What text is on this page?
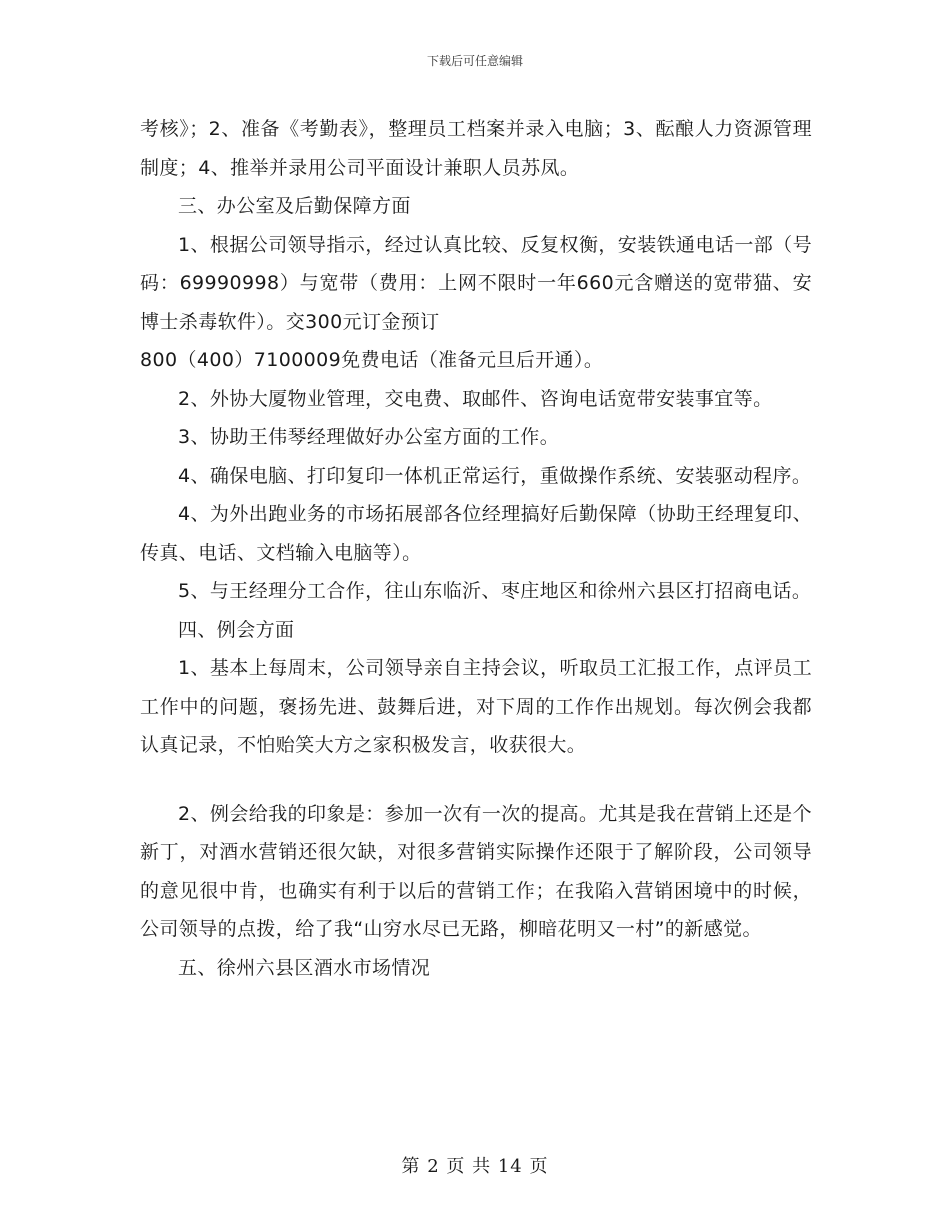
下载后可任意编辑

考核》；2、准备《考勤表》，整理员工档案并录入电脑；3、酝酿人力资源管理制度；4、推举并录用公司平面设计兼职人员苏凤。

三、办公室及后勤保障方面

1、根据公司领导指示，经过认真比较、反复权衡，安装铁通电话一部（号码：69990998）与宽带（费用：上网不限时一年660元含赠送的宽带猫、安博士杀毒软件）。交300元订金预订

800（400）7100009免费电话（准备元旦后开通）。

2、外协大厦物业管理，交电费、取邮件、咨询电话宽带安装事宜等。

3、协助王伟琴经理做好办公室方面的工作。

4、确保电脑、打印复印一体机正常运行，重做操作系统、安装驱动程序。

4、为外出跑业务的市场拓展部各位经理搞好后勤保障（协助王经理复印、传真、电话、文档输入电脑等）。

5、与王经理分工合作，往山东临沂、枣庄地区和徐州六县区打招商电话。

四、例会方面

1、基本上每周末，公司领导亲自主持会议，听取员工汇报工作，点评员工工作中的问题，褒扬先进、鼓舞后进，对下周的工作作出规划。每次例会我都认真记录，不怕贻笑大方之家积极发言，收获很大。

2、例会给我的印象是：参加一次有一次的提高。尤其是我在营销上还是个新丁，对酒水营销还很欠缺，对很多营销实际操作还限于了解阶段，公司领导的意见很中肯，也确实有利于以后的营销工作；在我陷入营销困境中的时候，公司领导的点拨，给了我“山穷水尽已无路，柳暗花明又一村”的新感觉。

五、徐州六县区酒水市场情况

第 2 页 共 14 页
